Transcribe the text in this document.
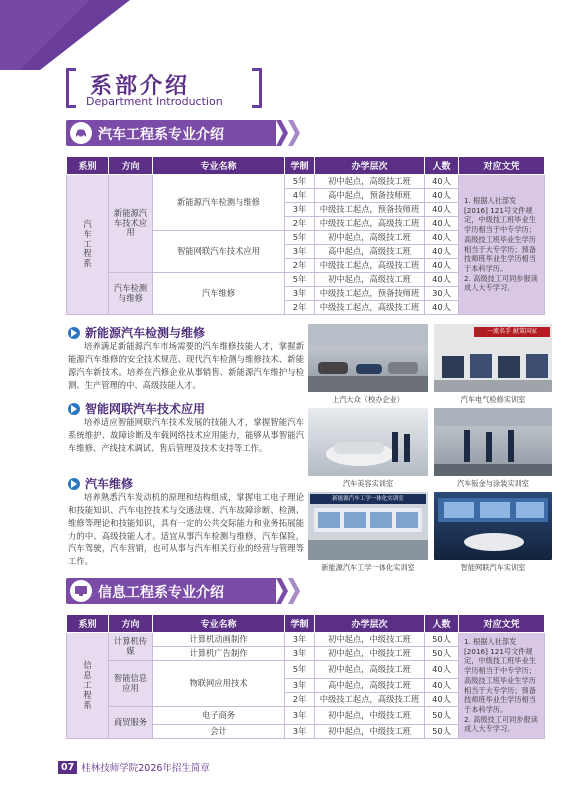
系部介绍
Department Introduction
汽车工程系专业介绍
系别	方向	专业名称	学制	办学层次	人数	对应文凭

汽车工程系	新能源汽车技术应用	新能源汽车检测与维修	5年	初中起点，高级技工班	40人	1. 根据人社部发[2016] 121号文件规定，中级技工班毕业生学历相当于中专学历；高级技工班毕业生学历相当于大专学历；预备技师班毕业生学历相当于本科学历。
2. 高级技工可同步报读成人大专学习。
			4年	高中起点，预备技师班	40人	
			3年	中级技工起点，预备技师班	40人	
			2年	中级技工起点，高级技工班	40人	
		智能网联汽车技术应用	5年	初中起点，高级技工班	40人	
			3年	高中起点，高级技工班	40人	
			2年	中级技工起点，高级技工班	40人	
	汽车检测与维修	汽车维修	5年	初中起点，高级技工班	40人	
			3年	中级技工起点，预备技师班	30人	
			2年	中级技工起点，高级技工班	40人	
新能源汽车检测与维修
培养满足新能源汽车市场需要的汽车维修技能人才，掌握新能源汽车维修的安全技术规范、现代汽车检测与维修技术、新能源汽车新技术。培养在汽修企业从事销售、新能源汽车维护与检测、生产管理的中、高级技能人才。
智能网联汽车技术应用
培养适应智能网联汽车技术发展的技能人才，掌握智能汽车系统维护、故障诊断及车载网络技术应用能力，能够从事智能汽车维修、产线技术调试、售后管理及技术支持等工作。
汽车维修
培养熟悉汽车发动机的原理和结构组成，掌握电工电子理论和技能知识、汽车电控技术与交通法规、汽车故障诊断、检测、维修等理论和技能知识，具有一定的公共交际能力和业务拓展能力的中、高级技能人才。适宜从事汽车检测与维修，汽车保险，汽车驾驶，汽车营销，也可从事与汽车相关行业的经营与管理等工作。
上汽大众（校办企业）
一流名手 献策国家
汽车电气检修实训室
汽车美容实训室	汽车钣金与涂装实训室
新能源汽车工学一体化实训室
新能源汽车工学一体化实训室	智能网联汽车实训室
信息工程系专业介绍
系别	方向	专业名称	学制	办学层次	人数	对应文凭

信息工程系	计算机传媒	计算机动画制作	3年	初中起点，中级技工班	50人	1. 根据人社部发[2016] 121号文件规定，中级技工班毕业生学历相当于中专学历；高级技工班毕业生学历相当于大专学历；预备技师班毕业生学历相当于本科学历。
2. 高级技工可同步报读成人大专学习。
		计算机广告制作	3年	初中起点，中级技工班	50人	
	智能信息应用	物联网应用技术	5年	初中起点，高级技工班	40人	
			3年	高中起点，高级技工班	40人	
			2年	中级技工起点，高级技工班	40人	
	商贸服务	电子商务	3年	初中起点，中级技工班	50人	
		会计	3年	初中起点，中级技工班	50人	
07 桂林技师学院2026年招生简章
